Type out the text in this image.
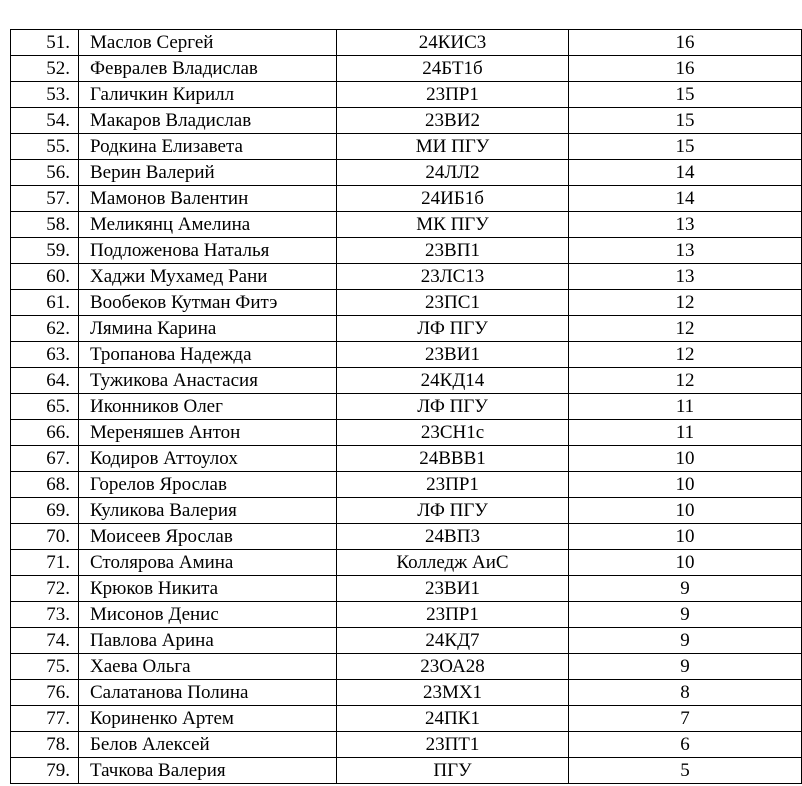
51.	Маслов Сергей	24КИС3	16
52.	Февралев Владислав	24БТ1б	16
53.	Галичкин Кирилл	23ПР1	15
54.	Макаров Владислав	23ВИ2	15
55.	Родкина Елизавета	МИ ПГУ	15
56.	Верин Валерий	24ЛЛ2	14
57.	Мамонов Валентин	24ИБ1б	14
58.	Меликянц Амелина	МК ПГУ	13
59.	Подложенова Наталья	23ВП1	13
60.	Хаджи Мухамед Рани	23ЛС13	13
61.	Boобеков Кутман Фитэ	23ПС1	12
62.	Лямина Карина	ЛФ ПГУ	12
63.	Тропанова Надежда	23ВИ1	12
64.	Тужикова Анастасия	24КД14	12
65.	Иконников Олег	ЛФ ПГУ	11
66.	Мереняшев Антон	23СН1с	11
67.	Кодиров Аттоулох	24ВВВ1	10
68.	Горелов Ярослав	23ПР1	10
69.	Куликова Валерия	ЛФ ПГУ	10
70.	Моисеев Ярослав	24ВП3	10
71.	Столярова Амина	Колледж АиС	10
72.	Крюков Никита	23ВИ1	9
73.	Мисонов Денис	23ПР1	9
74.	Павлова Арина	24КД7	9
75.	Хаева Ольга	23ОА28	9
76.	Салатанова Полина	23МХ1	8
77.	Кориненко Артем	24ПК1	7
78.	Белов Алексей	23ПТ1	6
79.	Тачкова Валерия	ПГУ	5
